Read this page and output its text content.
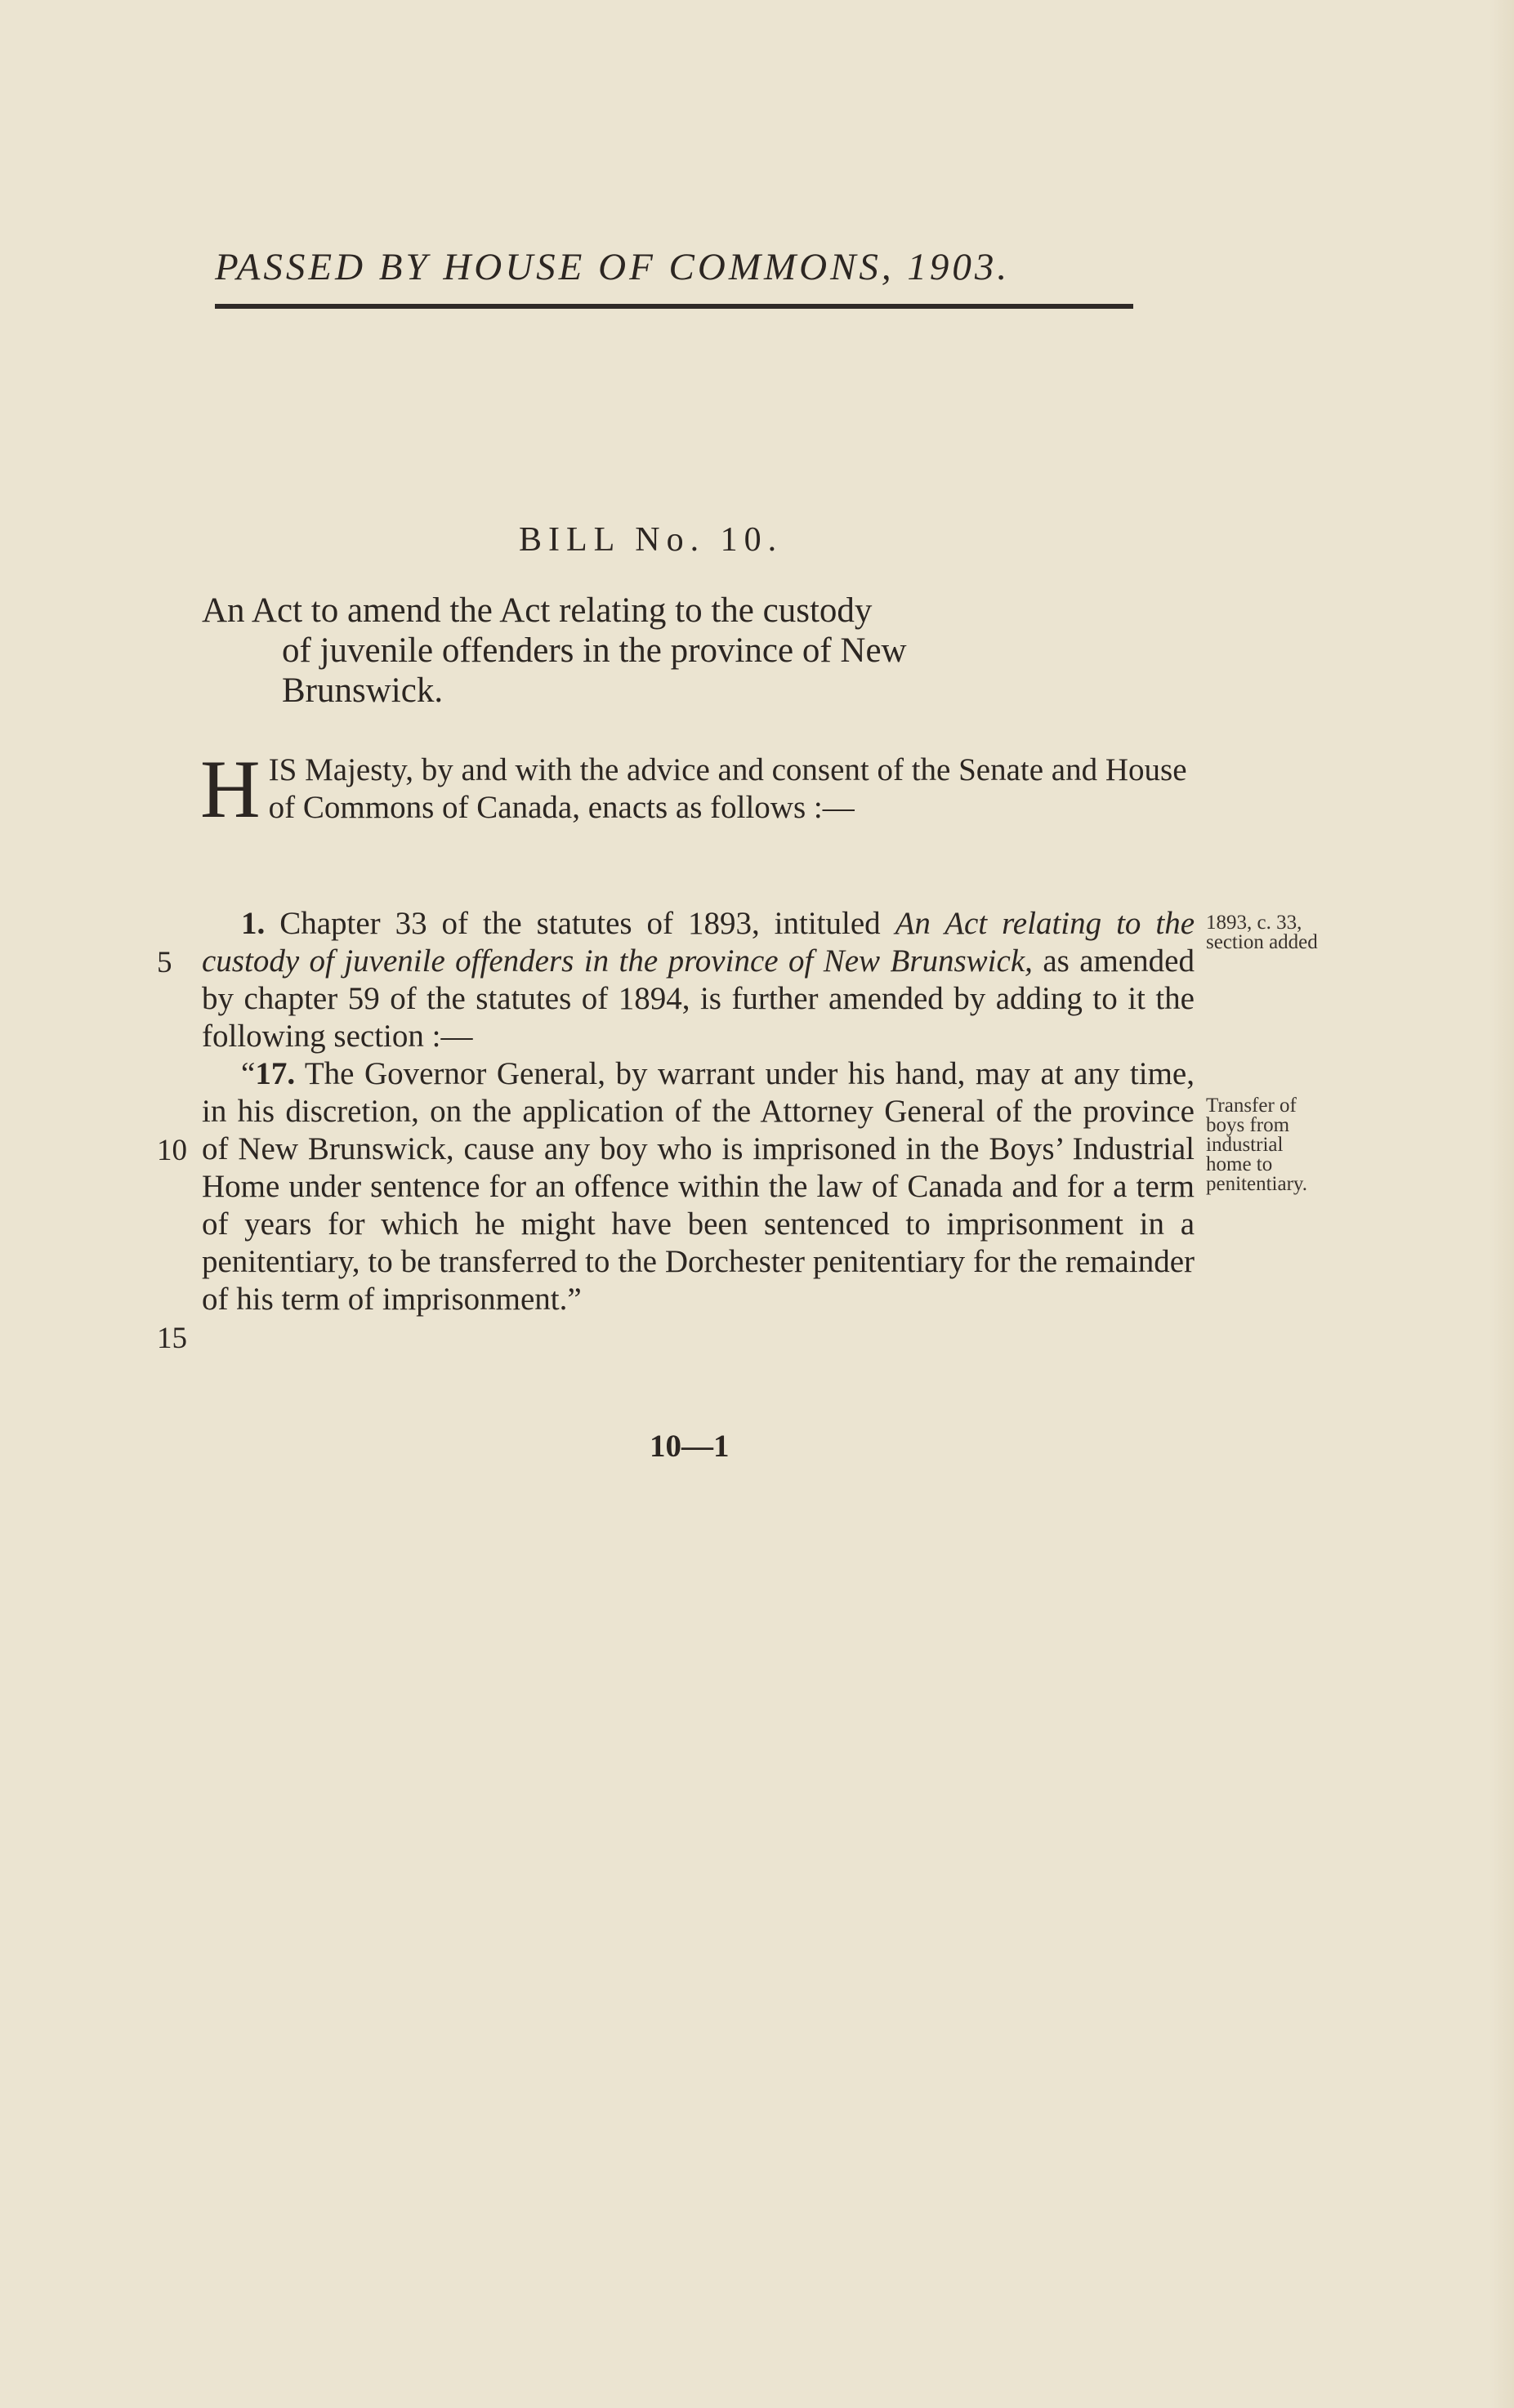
PASSED BY HOUSE OF COMMONS, 1903.
BILL No. 10.
An Act to amend the Act relating to the custody
of juvenile offenders in the province of New
Brunswick.
H IS Majesty, by and with the advice and consent of the Senate and House of Commons of Canada, enacts as follows :—

1. Chapter 33 of the statutes of 1893, intituled An Act relating to the custody of juvenile offenders in the province of New Brunswick, as amended by chapter 59 of the statutes of 1894, is further amended by adding to it the following section :—

“17. The Governor General, by warrant under his hand, may at any time, in his discretion, on the application of the Attorney General of the province of New Brunswick, cause any boy who is imprisoned in the Boys’ Industrial Home under sentence for an offence within the law of Canada and for a term of years for which he might have been sentenced to imprisonment in a penitentiary, to be transferred to the Dorchester penitentiary for the remainder of his term of imprisonment.”

5
10
15
1893, c. 33,
section added
Transfer of
boys from
industrial
home to
penitentiary.
10—1
